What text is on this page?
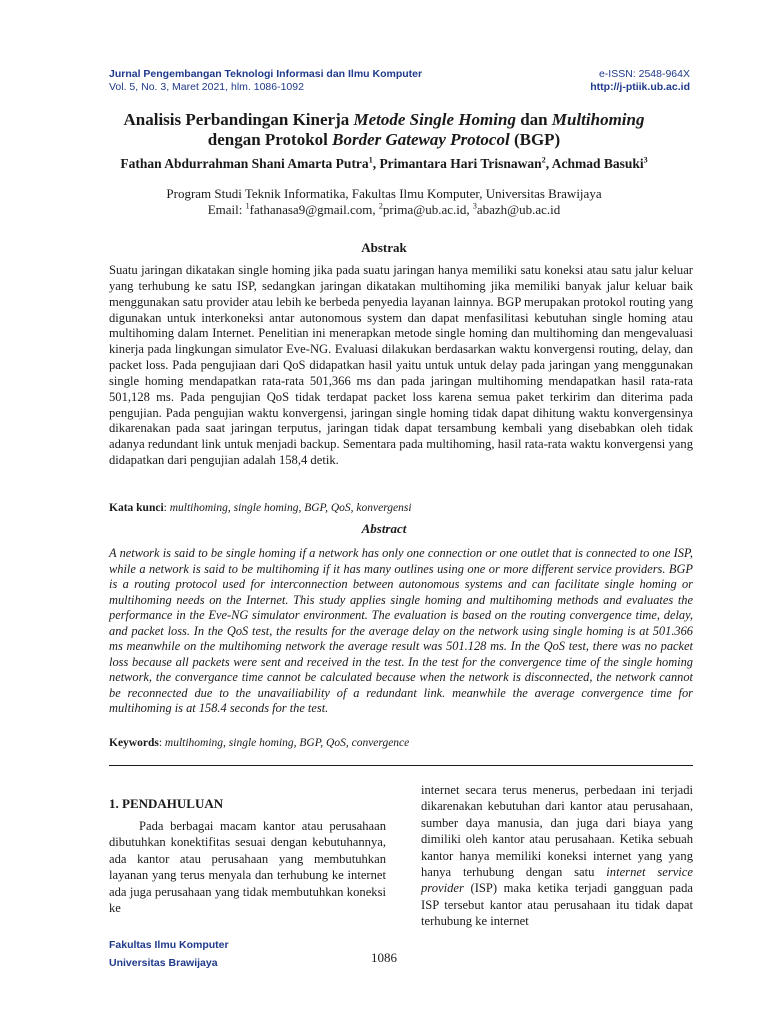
Jurnal Pengembangan Teknologi Informasi dan Ilmu Komputer
Vol. 5, No. 3, Maret 2021, hlm. 1086-1092
e-ISSN: 2548-964X
http://j-ptiik.ub.ac.id
Analisis Perbandingan Kinerja Metode Single Homing dan Multihoming
dengan Protokol Border Gateway Protocol (BGP)
Fathan Abdurrahman Shani Amarta Putra$^1$, Primantara Hari Trisnawan$^2$, Achmad Basuki$^3$
Program Studi Teknik Informatika, Fakultas Ilmu Komputer, Universitas Brawijaya
Email: $^1$fathanasa9@gmail.com, $^2$prima@ub.ac.id, $^3$abazh@ub.ac.id
Abstrak
Suatu jaringan dikatakan single homing jika pada suatu jaringan hanya memiliki satu koneksi atau satu jalur keluar yang terhubung ke satu ISP, sedangkan jaringan dikatakan multihoming jika memiliki banyak jalur keluar baik menggunakan satu provider atau lebih ke berbeda penyedia layanan lainnya. BGP merupakan protokol routing yang digunakan untuk interkoneksi antar autonomous system dan dapat menfasilitasi kebutuhan single homing atau multihoming dalam Internet. Penelitian ini menerapkan metode single homing dan multihoming dan mengevaluasi kinerja pada lingkungan simulator Eve-NG. Evaluasi dilakukan berdasarkan waktu konvergensi routing, delay, dan packet loss. Pada pengujiaan dari QoS didapatkan hasil yaitu untuk untuk delay pada jaringan yang menggunakan single homing mendapatkan rata-rata 501,366 ms dan pada jaringan multihoming mendapatkan hasil rata-rata 501,128 ms. Pada pengujian QoS tidak terdapat packet loss karena semua paket terkirim dan diterima pada pengujian. Pada pengujian waktu konvergensi, jaringan single homing tidak dapat dihitung waktu konvergensinya dikarenakan pada saat jaringan terputus, jaringan tidak dapat tersambung kembali yang disebabkan oleh tidak adanya redundant link untuk menjadi backup. Sementara pada multihoming, hasil rata-rata waktu konvergensi yang didapatkan dari pengujian adalah 158,4 detik.
Kata kunci: multihoming, single homing, BGP, QoS, konvergensi
Abstract
A network is said to be single homing if a network has only one connection or one outlet that is connected to one ISP, while a network is said to be multihoming if it has many outlines using one or more different service providers. BGP is a routing protocol used for interconnection between autonomous systems and can facilitate single homing or multihoming needs on the Internet. This study applies single homing and multihoming methods and evaluates the performance in the Eve-NG simulator environment. The evaluation is based on the routing convergence time, delay, and packet loss. In the QoS test, the results for the average delay on the network using single homing is at 501.366 ms meanwhile on the multihoming network the average result was 501.128 ms. In the QoS test, there was no packet loss because all packets were sent and received in the test. In the test for the convergence time of the single homing network, the convergance time cannot be calculated because when the network is disconnected, the network cannot be reconnected due to the unavailiability of a redundant link. meanwhile the average convergence time for multihoming is at 158.4 seconds for the test.
Keywords: multihoming, single homing, BGP, QoS, convergence
1. PENDAHULUAN

Pada berbagai macam kantor atau perusahaan dibutuhkan konektifitas sesuai dengan kebutuhannya, ada kantor atau perusahaan yang membutuhkan layanan yang terus menyala dan terhubung ke internet ada juga perusahaan yang tidak membutuhkan koneksi ke

internet secara terus menerus, perbedaan ini terjadi dikarenakan kebutuhan dari kantor atau perusahaan, sumber daya manusia, dan juga dari biaya yang dimiliki oleh kantor atau perusahaan. Ketika sebuah kantor hanya memiliki koneksi internet yang yang hanya terhubung dengan satu internet service provider (ISP) maka ketika terjadi gangguan pada ISP tersebut kantor atau perusahaan itu tidak dapat terhubung ke internet

Fakultas Ilmu Komputer
Universitas Brawijaya	1086
